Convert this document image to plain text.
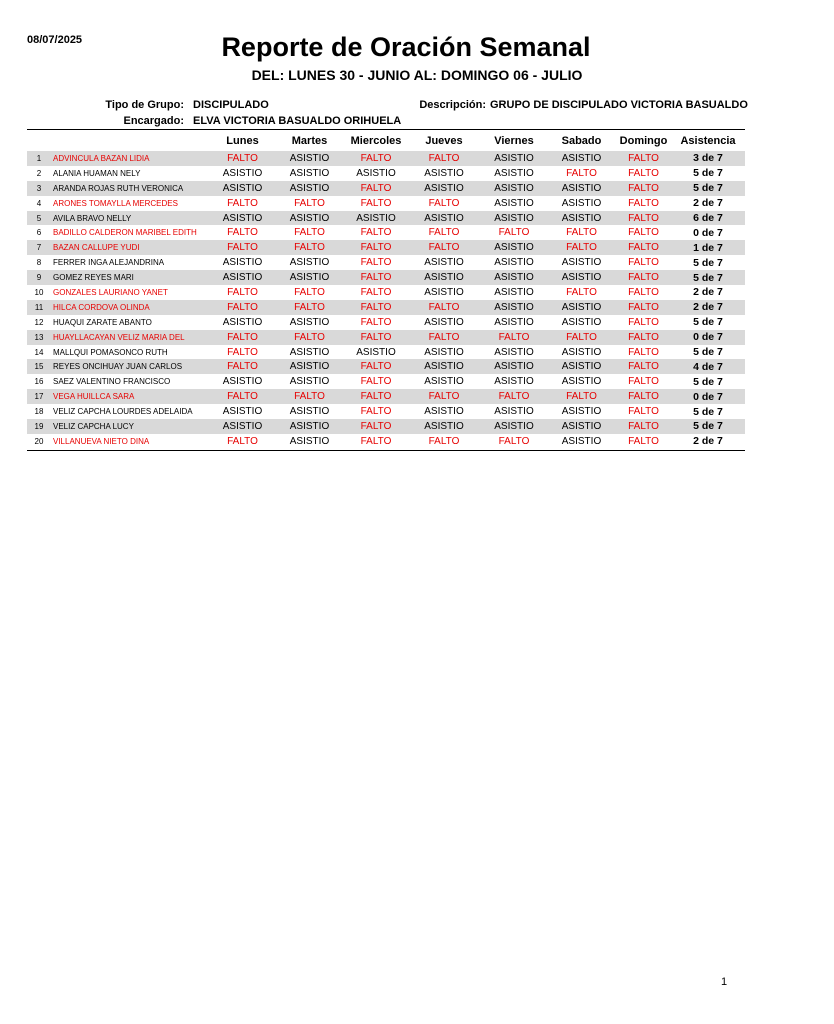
08/07/2025	Reporte de Oración Semanal
DEL: LUNES 30 - JUNIO AL: DOMINGO 06 - JULIO
Tipo de Grupo: DISCIPULADO
Encargado: ELVA VICTORIA BASUALDO ORIHUELA
Descripción: GRUPO DE DISCIPULADO VICTORIA BASUALDO
		Lunes	Martes	Miercoles	Jueves	Viernes	Sabado	Domingo	Asistencia
1	ADVINCULA BAZAN LIDIA	FALTO	ASISTIO	FALTO	FALTO	ASISTIO	ASISTIO	FALTO	3 de 7
2	ALANIA HUAMAN NELY	ASISTIO	ASISTIO	ASISTIO	ASISTIO	ASISTIO	FALTO	FALTO	5 de 7
3	ARANDA ROJAS RUTH VERONICA	ASISTIO	ASISTIO	FALTO	ASISTIO	ASISTIO	ASISTIO	FALTO	5 de 7
4	ARONES TOMAYLLA MERCEDES	FALTO	FALTO	FALTO	FALTO	ASISTIO	ASISTIO	FALTO	2 de 7
5	AVILA BRAVO NELLY	ASISTIO	ASISTIO	ASISTIO	ASISTIO	ASISTIO	ASISTIO	FALTO	6 de 7
6	BADILLO CALDERON MARIBEL EDITH	FALTO	FALTO	FALTO	FALTO	FALTO	FALTO	FALTO	0 de 7
7	BAZAN CALLUPE YUDI	FALTO	FALTO	FALTO	FALTO	ASISTIO	FALTO	FALTO	1 de 7
8	FERRER INGA ALEJANDRINA	ASISTIO	ASISTIO	FALTO	ASISTIO	ASISTIO	ASISTIO	FALTO	5 de 7
9	GOMEZ REYES MARI	ASISTIO	ASISTIO	FALTO	ASISTIO	ASISTIO	ASISTIO	FALTO	5 de 7
10	GONZALES LAURIANO YANET	FALTO	FALTO	FALTO	ASISTIO	ASISTIO	FALTO	FALTO	2 de 7
11	HILCA CORDOVA OLINDA	FALTO	FALTO	FALTO	FALTO	ASISTIO	ASISTIO	FALTO	2 de 7
12	HUAQUI ZARATE ABANTO	ASISTIO	ASISTIO	FALTO	ASISTIO	ASISTIO	ASISTIO	FALTO	5 de 7
13	HUAYLLACAYAN VELIZ MARIA DEL	FALTO	FALTO	FALTO	FALTO	FALTO	FALTO	FALTO	0 de 7
14	MALLQUI POMASONCO RUTH	FALTO	ASISTIO	ASISTIO	ASISTIO	ASISTIO	ASISTIO	FALTO	5 de 7
15	REYES ONCIHUAY JUAN CARLOS	FALTO	ASISTIO	FALTO	ASISTIO	ASISTIO	ASISTIO	FALTO	4 de 7
16	SAEZ VALENTINO FRANCISCO	ASISTIO	ASISTIO	FALTO	ASISTIO	ASISTIO	ASISTIO	FALTO	5 de 7
17	VEGA HUILLCA SARA	FALTO	FALTO	FALTO	FALTO	FALTO	FALTO	FALTO	0 de 7
18	VELIZ CAPCHA LOURDES ADELAIDA	ASISTIO	ASISTIO	FALTO	ASISTIO	ASISTIO	ASISTIO	FALTO	5 de 7
19	VELIZ CAPCHA LUCY	ASISTIO	ASISTIO	FALTO	ASISTIO	ASISTIO	ASISTIO	FALTO	5 de 7
20	VILLANUEVA NIETO DINA	FALTO	ASISTIO	FALTO	FALTO	FALTO	ASISTIO	FALTO	2 de 7
1
